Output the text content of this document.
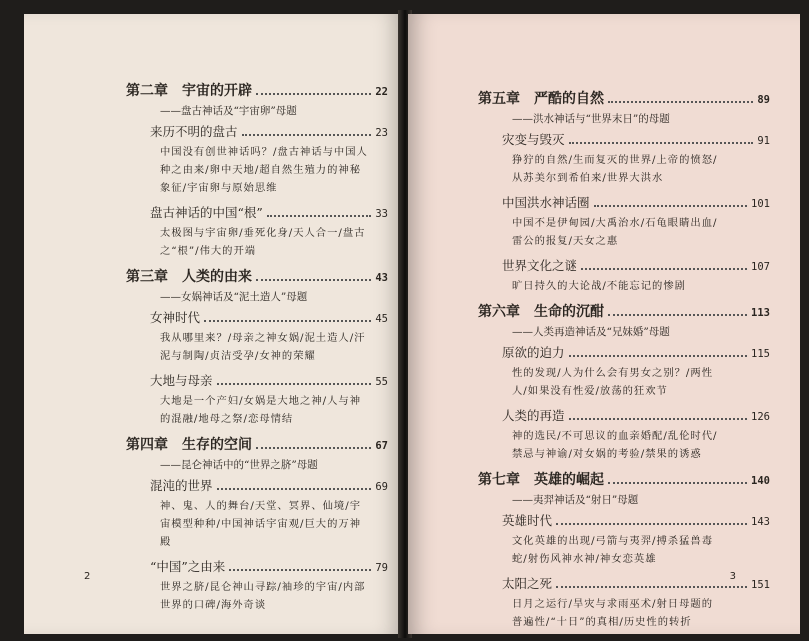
第二章 宇宙的开辟	22
——盘古神话及“宇宙卵”母题
来历不明的盘古	23
中国没有创世神话吗？/盘古神话与中国人种之由来/卵中天地/超自然生殖力的神秘象征/宇宙卵与原始思维
盘古神话的中国“根”	33
太极图与宇宙卵/垂死化身/天人合一/盘古之“根”/伟大的开端
第三章 人类的由来	43
——女娲神话及“泥土造人”母题
女神时代	45
我从哪里来？/母亲之神女娲/泥土造人/汗泥与制陶/贞洁受孕/女神的荣耀
大地与母亲	55
大地是一个产妇/女娲是大地之神/人与神的混融/地母之祭/恋母情结
第四章 生存的空间	67
——昆仑神话中的“世界之脐”母题
混沌的世界	69
神、鬼、人的舞台/天堂、冥界、仙境/宇宙模型种种/中国神话宇宙观/巨大的万神殿
“中国”之由来	79
世界之脐/昆仑神山寻踪/袖珍的宇宙/内部世界的口碑/海外奇谈
2
第五章 严酷的自然	89
——洪水神话与“世界末日”的母题
灾变与毁灭	91
狰狞的自然/生而复灭的世界/上帝的愤怒/从苏美尔到希伯来/世界大洪水
中国洪水神话圈	101
中国不是伊甸园/大禹治水/石龟眼睛出血/雷公的报复/天女之惠
世界文化之谜	107
旷日持久的大论战/不能忘记的惨剧
第六章 生命的沉酣	113
——人类再造神话及“兄妹婚”母题
原欲的迫力	115
性的发现/人为什么会有男女之别？/两性人/如果没有性爱/放荡的狂欢节
人类的再造	126
神的选民/不可思议的血亲婚配/乱伦时代/禁忌与神谕/对女娲的考验/禁果的诱惑
第七章 英雄的崛起	140
——夷羿神话及“射日”母题
英雄时代	143
文化英雄的出现/弓箭与夷羿/搏杀猛兽毒蛇/射伤风神水神/神女恋英雄
太阳之死	151
日月之运行/旱灾与求雨巫术/射日母题的普遍性/“十日”的真相/历史性的转折
3
